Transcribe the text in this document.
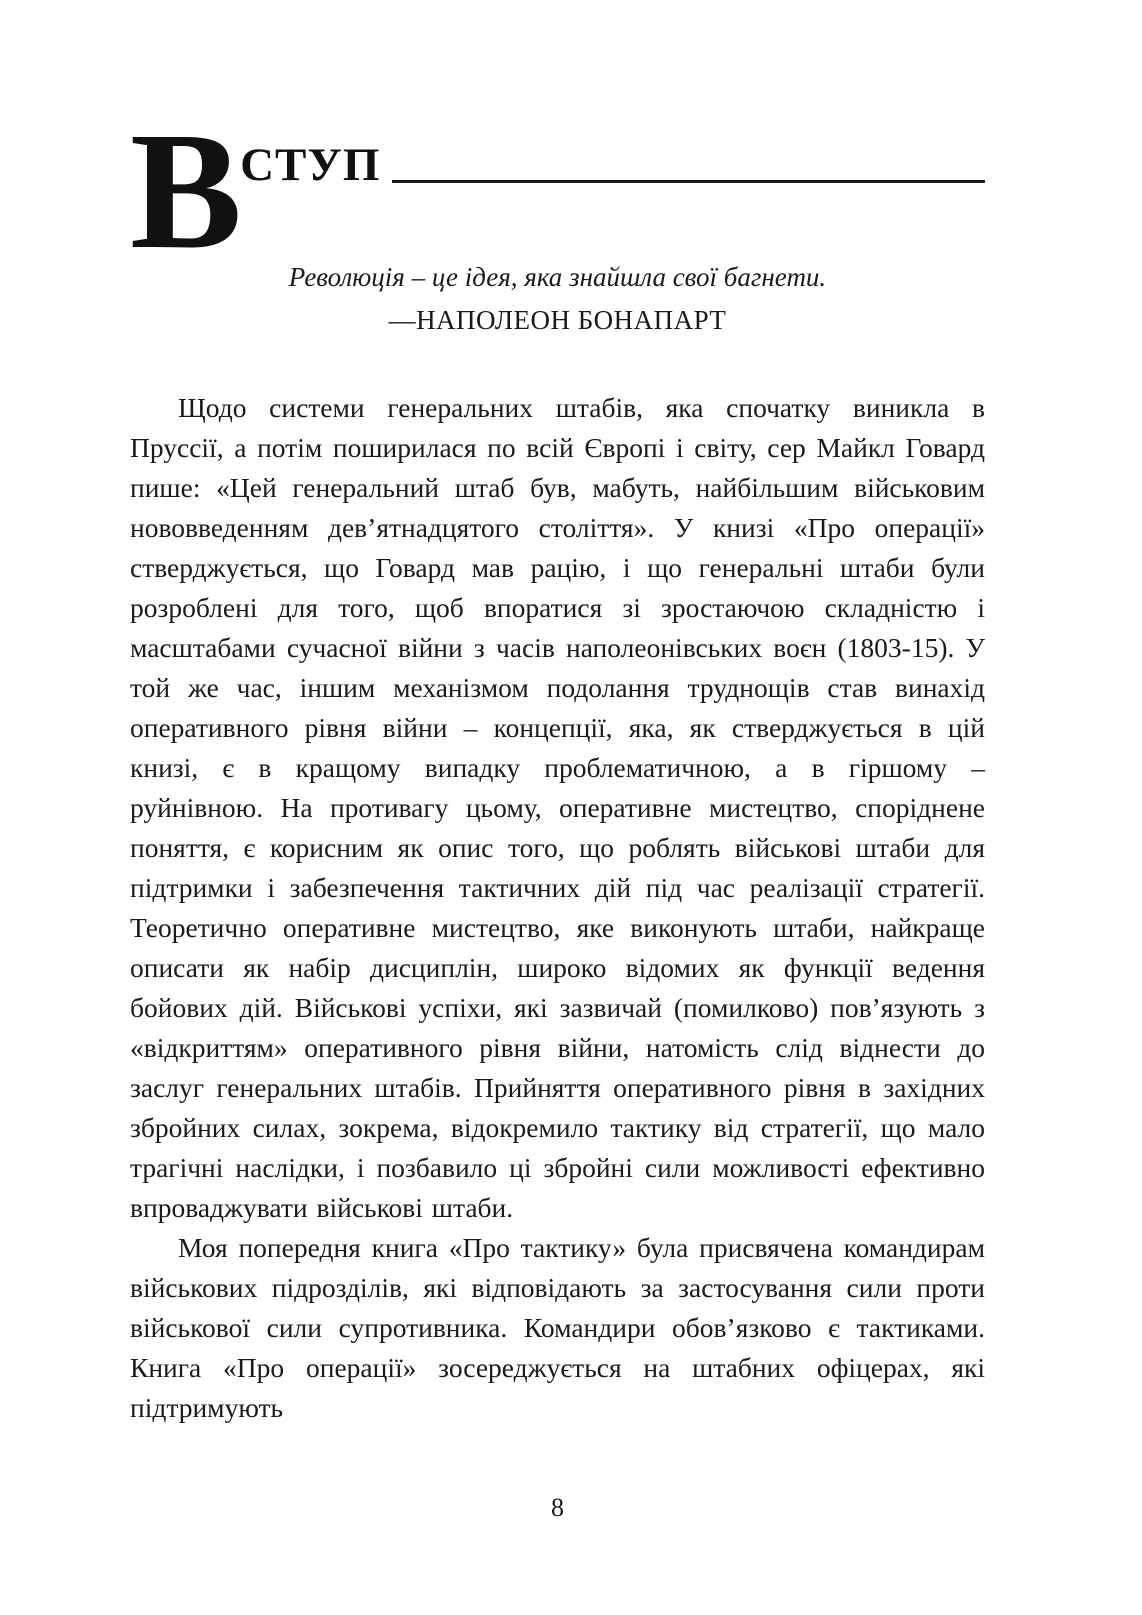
В СТУП
Революція – це ідея, яка знайшла свої багнети.
—НАПОЛЕОН БОНАПАРТ

Щодо системи генеральних штабів, яка спочатку виникла в Пруссії, а потім поширилася по всій Європі і світу, сер Майкл Говард пише: «Цей генеральний штаб був, мабуть, найбільшим військовим нововведенням дев’ятнадцятого століття». У книзі «Про операції» стверджується, що Говард мав рацію, і що генеральні штаби були розроблені для того, щоб впоратися зі зростаючою складністю і масштабами сучасної війни з часів наполеонівських воєн (1803-15). У той же час, іншим механізмом подолання труднощів став винахід оперативного рівня війни – концепції, яка, як стверджується в цій книзі, є в кращому випадку проблематичною, а в гіршому – руйнівною. На противагу цьому, оперативне мистецтво, споріднене поняття, є корисним як опис того, що роблять військові штаби для підтримки і забезпечення тактичних дій під час реалізації стратегії. Теоретично оперативне мистецтво, яке виконують штаби, найкраще описати як набір дисциплін, широко відомих як функції ведення бойових дій. Військові успіхи, які зазвичай (помилково) пов’язують з «відкриттям» оперативного рівня війни, натомість слід віднести до заслуг генеральних штабів. Прийняття оперативного рівня в західних збройних силах, зокрема, відокремило тактику від стратегії, що мало трагічні наслідки, і позбавило ці збройні сили можливості ефективно впроваджувати військові штаби.

Моя попередня книга «Про тактику» була присвячена командирам військових підрозділів, які відповідають за застосування сили проти військової сили супротивника. Командири обов’язково є тактиками. Книга «Про операції» зосереджується на штабних офіцерах, які підтримують

8
